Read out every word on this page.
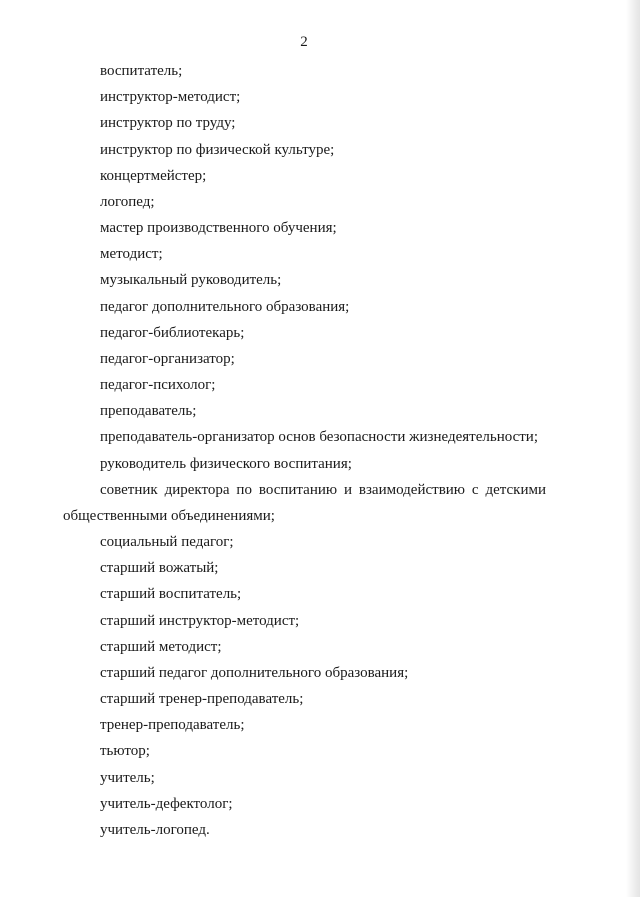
2
воспитатель;
инструктор-методист;
инструктор по труду;
инструктор по физической культуре;
концертмейстер;
логопед;
мастер производственного обучения;
методист;
музыкальный руководитель;
педагог дополнительного образования;
педагог-библиотекарь;
педагог-организатор;
педагог-психолог;
преподаватель;
преподаватель-организатор основ безопасности жизнедеятельности;
руководитель физического воспитания;
советник директора по воспитанию и взаимодействию с детскими
общественными объединениями;
социальный педагог;
старший вожатый;
старший воспитатель;
старший инструктор-методист;
старший методист;
старший педагог дополнительного образования;
старший тренер-преподаватель;
тренер-преподаватель;
тьютор;
учитель;
учитель-дефектолог;
учитель-логопед.
